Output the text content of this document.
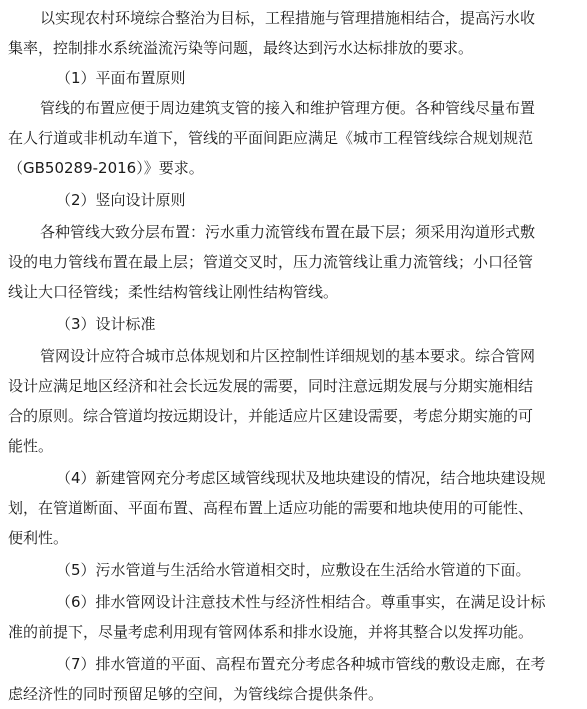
以实现农村环境综合整治为目标，工程措施与管理措施相结合，提高污水收
集率，控制排水系统溢流污染等问题，最终达到污水达标排放的要求。
（1）平面布置原则
管线的布置应便于周边建筑支管的接入和维护管理方便。各种管线尽量布置
在人行道或非机动车道下，管线的平面间距应满足《城市工程管线综合规划规范
（GB50289-2016）》要求。
（2）竖向设计原则
各种管线大致分层布置：污水重力流管线布置在最下层；须采用沟道形式敷
设的电力管线布置在最上层；管道交叉时，压力流管线让重力流管线；小口径管
线让大口径管线；柔性结构管线让刚性结构管线。
（3）设计标准
管网设计应符合城市总体规划和片区控制性详细规划的基本要求。综合管网
设计应满足地区经济和社会长远发展的需要，同时注意远期发展与分期实施相结
合的原则。综合管道均按远期设计，并能适应片区建设需要，考虑分期实施的可
能性。
（4）新建管网充分考虑区域管线现状及地块建设的情况，结合地块建设规
划，在管道断面、平面布置、高程布置上适应功能的需要和地块使用的可能性、
便利性。
（5）污水管道与生活给水管道相交时，应敷设在生活给水管道的下面。
（6）排水管网设计注意技术性与经济性相结合。尊重事实，在满足设计标
准的前提下，尽量考虑利用现有管网体系和排水设施，并将其整合以发挥功能。
（7）排水管道的平面、高程布置充分考虑各种城市管线的敷设走廊，在考
虑经济性的同时预留足够的空间，为管线综合提供条件。
